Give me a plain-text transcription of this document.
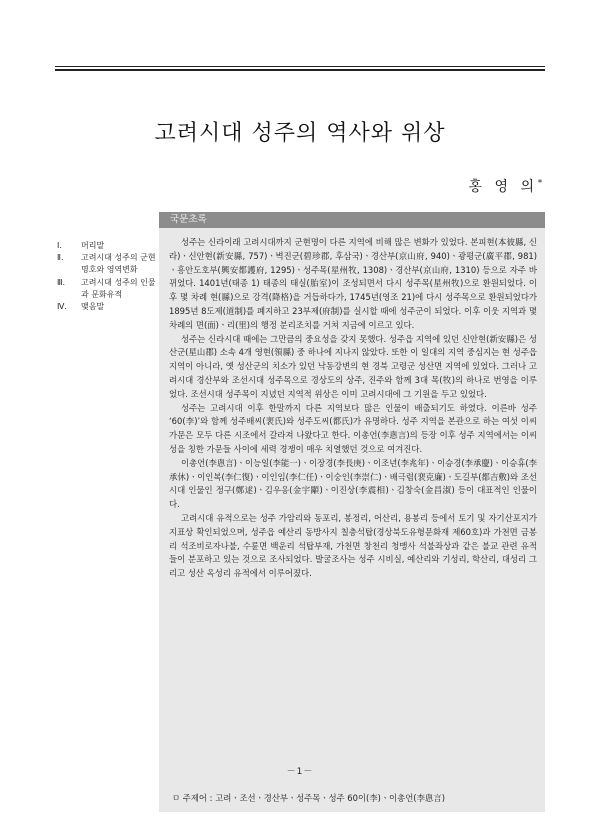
고려시대 성주의 역사와 위상
홍 영 의*
Ⅰ.	머리말
Ⅱ.	고려시대 성주의 군현 명호와 영역변화
Ⅲ.	고려시대 성주의 인물과 문화유적
Ⅳ.	맺음말
국문초록

성주는 신라이래 고려시대까지 군현명이 다른 지역에 비해 많은 변화가 있었다. 본피현(本彼縣, 신라)ㆍ신안현(新安縣, 757)ㆍ벽진군(碧珍郡, 후삼국)ㆍ경산부(京山府, 940)ㆍ광평군(廣平郡, 981)ㆍ흥안도호부(興安都護府, 1295)ㆍ성주목(星州牧, 1308)ㆍ경산부(京山府, 1310) 등으로 자주 바뀌었다. 1401년(태종 1) 태종의 태실(胎室)이 조성되면서 다시 성주목(星州牧)으로 환원되었다. 이후 몇 차례 현(縣)으로 강격(降格)을 거듭하다가, 1745년(영조 21)에 다시 성주목으로 환원되었다가 1895년 8도제(道制)를 폐지하고 23부제(府制)를 실시할 때에 성주군이 되었다. 이후 이웃 지역과 몇차례의 면(面)ㆍ리(里)의 행정 분리조치를 거쳐 지금에 이르고 있다.

성주는 신라시대 때에는 그만큼의 중요성을 갖지 못했다. 성주읍 지역에 있던 신안현(新安縣)은 성산군(星山郡) 소속 4개 영현(領縣) 중 하나에 지나지 않았다. 또한 이 일대의 지역 중심지는 현 성주읍 지역이 아니라, 옛 성산군의 치소가 있던 낙동강변의 현 경북 고령군 성산면 지역에 있었다. 그러나 고려시대 경산부와 조선시대 성주목으로 경상도의 상주, 진주와 함께 3대 목(牧)의 하나로 번영을 이루었다. 조선시대 성주목이 지녔던 지역적 위상은 이미 고려시대에 그 기원을 두고 있었다.

성주는 고려시대 이후 한말까지 다른 지역보다 많은 인물이 배출되기도 하였다. 이른바 성주 ‘60(李)’와 함께 성주배씨(裵氏)와 성주도씨(都氏)가 유명하다. 성주 지역을 본관으로 하는 여섯 이씨 가문은 모두 다른 시조에서 갈라져 나왔다고 한다. 이총언(李悤言)의 등장 이후 성주 지역에서는 이씨 성을 칭한 가문들 사이에 세력 경쟁이 매우 치열했던 것으로 여겨진다.

이총언(李悤言)ㆍ이능일(李能一)ㆍ이장경(李長庚)ㆍ이조년(李兆年)ㆍ이승경(李承慶)ㆍ이승휴(李承休)ㆍ이인복(李仁復)ㆍ이인임(李仁任)ㆍ이숭인(李崇仁)ㆍ배극렴(裵克廉)ㆍ도길부(都吉敷)와 조선시대 인물인 정구(鄭逑)ㆍ김우옹(金宇顒)ㆍ이진상(李震相)ㆍ김창숙(金昌淑) 등이 대표적인 인물이다.

고려시대 유적으로는 성주 가암리와 동포리, 봉정리, 어산리, 용봉리 등에서 토기 및 자기산포지가 지표상 확인되었으며, 성주읍 예산리 동방사지 칠층석탑(경상북도유형문화재 제60호)과 가천면 금봉리 석조비로자나불, 수륜면 백운리 석탑부재, 가천면 창천리 청맹사 석불좌상과 같은 불교 관련 유적들이 분포하고 있는 것으로 조사되었다. 발굴조사는 성주 시비실, 예산리와 기성리, 학산리, 대성리 그리고 성산 옥성리 유적에서 이루어졌다.

ㅁ 주제어 : 고려ㆍ조선ㆍ경산부ㆍ성주목ㆍ성주 60이(李)ㆍ이총언(李悤言)
－1－
